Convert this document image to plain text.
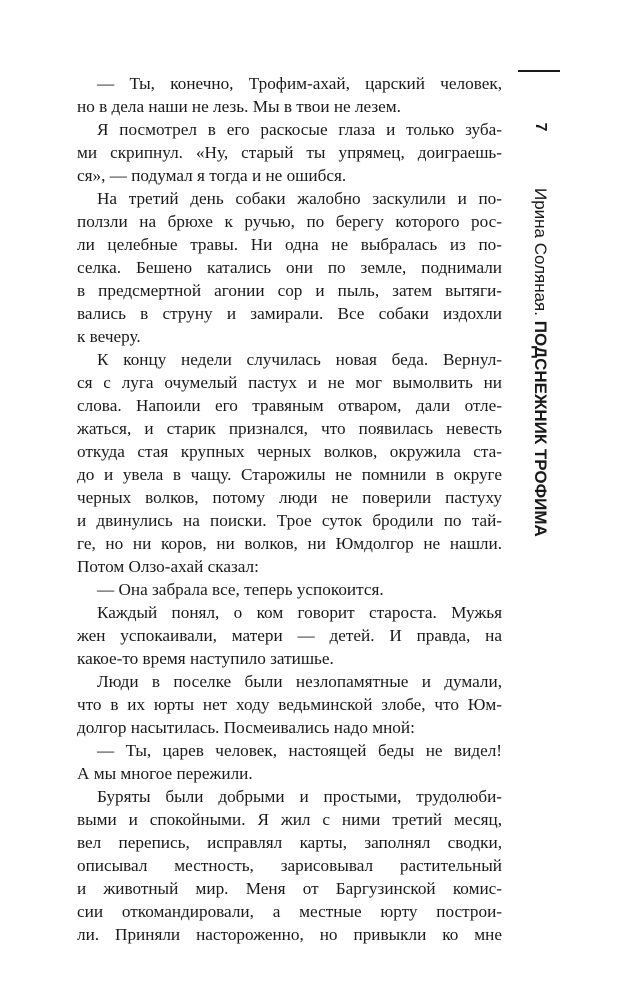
7
Ирина Соляная. ПОДСНЕЖНИК ТРОФИМА
— Ты, конечно, Трофим-ахай, царский человек,
но в дела наши не лезь. Мы в твои не лезем.
Я посмотрел в его раскосые глаза и только зуба-
ми скрипнул. «Ну, старый ты упрямец, доиграешь-
ся», — подумал я тогда и не ошибся.
На третий день собаки жалобно заскулили и по-
ползли на брюхе к ручью, по берегу которого рос-
ли целебные травы. Ни одна не выбралась из по-
селка. Бешено катались они по земле, поднимали
в предсмертной агонии сор и пыль, затем вытяги-
вались в струну и замирали. Все собаки издохли
к вечеру.
К концу недели случилась новая беда. Вернул-
ся с луга очумелый пастух и не мог вымолвить ни
слова. Напоили его травяным отваром, дали отле-
жаться, и старик признался, что появилась невесть
откуда стая крупных черных волков, окружила ста-
до и увела в чащу. Старожилы не помнили в округе
черных волков, потому люди не поверили пастуху
и двинулись на поиски. Трое суток бродили по тай-
ге, но ни коров, ни волков, ни Юмдолгор не нашли.
Потом Олзо-ахай сказал:
— Она забрала все, теперь успокоится.
Каждый понял, о ком говорит староста. Мужья
жен успокаивали, матери — детей. И правда, на
какое-то время наступило затишье.
Люди в поселке были незлопамятные и думали,
что в их юрты нет ходу ведьминской злобе, что Юм-
долгор насытилась. Посмеивались надо мной:
— Ты, царев человек, настоящей беды не видел!
А мы многое пережили.
Буряты были добрыми и простыми, трудолюби-
выми и спокойными. Я жил с ними третий месяц,
вел перепись, исправлял карты, заполнял сводки,
описывал местность, зарисовывал растительный
и животный мир. Меня от Баргузинской комис-
сии откомандировали, а местные юрту построи-
ли. Приняли настороженно, но привыкли ко мне
